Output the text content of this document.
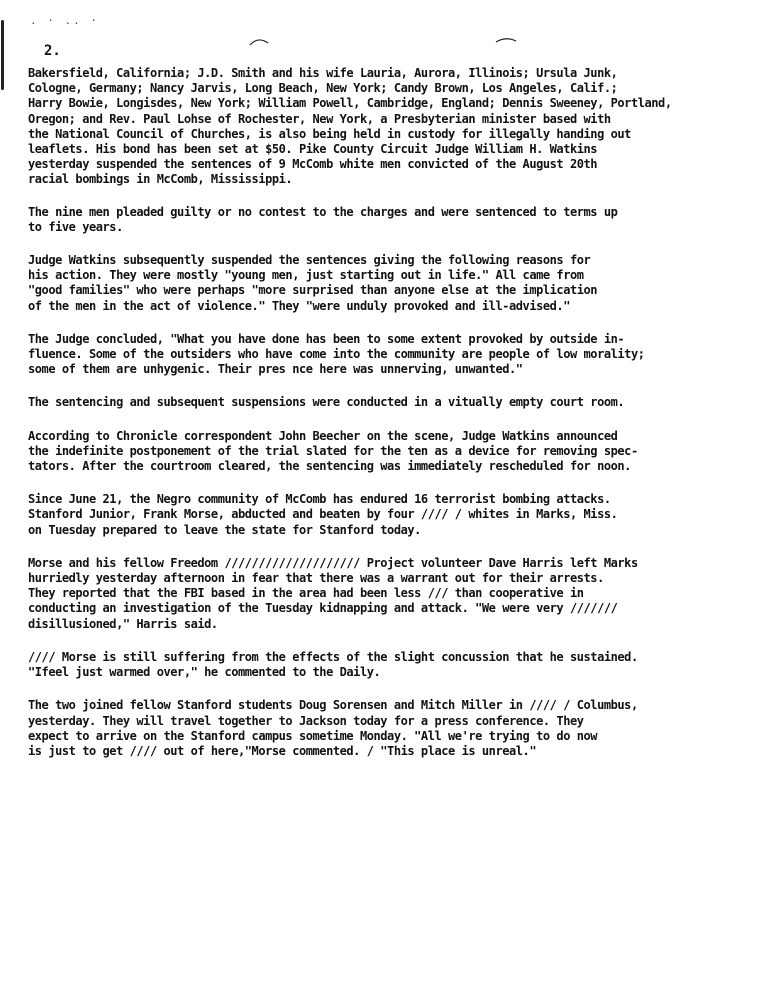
. · .. ·
2.

Bakersfield, California; J.D. Smith and his wife Lauria, Aurora, Illinois; Ursula Junk,
Cologne, Germany; Nancy Jarvis, Long Beach, New York; Candy Brown, Los Angeles, Calif.;
Harry Bowie, Longisdes, New York; William Powell, Cambridge, England; Dennis Sweeney, Portland,
Oregon; and Rev. Paul Lohse of Rochester, New York, a Presbyterian minister based with
the National Council of Churches, is also being held in custody for illegally handing out
leaflets. His bond has been set at $50. Pike County Circuit Judge William H. Watkins
yesterday suspended the sentences of 9 McComb white men convicted of the August 20th
racial bombings in McComb, Mississippi.

The nine men pleaded guilty or no contest to the charges and were sentenced to terms up
to five years.

Judge Watkins subsequently suspended the sentences giving the following reasons for
his action. They were mostly "young men, just starting out in life." All came from
"good families" who were perhaps "more surprised than anyone else at the implication
of the men in the act of violence." They "were unduly provoked and ill-advised."

The Judge concluded, "What you have done has been to some extent provoked by outside in-
fluence. Some of the outsiders who have come into the community are people of low morality;
some of them are unhygenic. Their pres nce here was unnerving, unwanted."

The sentencing and subsequent suspensions were conducted in a vitually empty court room.

According to Chronicle correspondent John Beecher on the scene, Judge Watkins announced
the indefinite postponement of the trial slated for the ten as a device for removing spec-
tators. After the courtroom cleared, the sentencing was immediately rescheduled for noon.

Since June 21, the Negro community of McComb has endured 16 terrorist bombing attacks.
Stanford Junior, Frank Morse, abducted and beaten by four //// / whites in Marks, Miss.
on Tuesday prepared to leave the state for Stanford today.

Morse and his fellow Freedom //////////////////// Project volunteer Dave Harris left Marks
hurriedly yesterday afternoon in fear that there was a warrant out for their arrests.
They reported that the FBI based in the area had been less /// than cooperative in
conducting an investigation of the Tuesday kidnapping and attack. "We were very ///////
disillusioned," Harris said.

//// Morse is still suffering from the effects of the slight concussion that he sustained.
"Ifeel just warmed over," he commented to the Daily.

The two joined fellow Stanford students Doug Sorensen and Mitch Miller in //// / Columbus,
yesterday. They will travel together to Jackson today for a press conference. They
expect to arrive on the Stanford campus sometime Monday. "All we're trying to do now
is just to get //// out of here,"Morse commented. / "This place is unreal."
